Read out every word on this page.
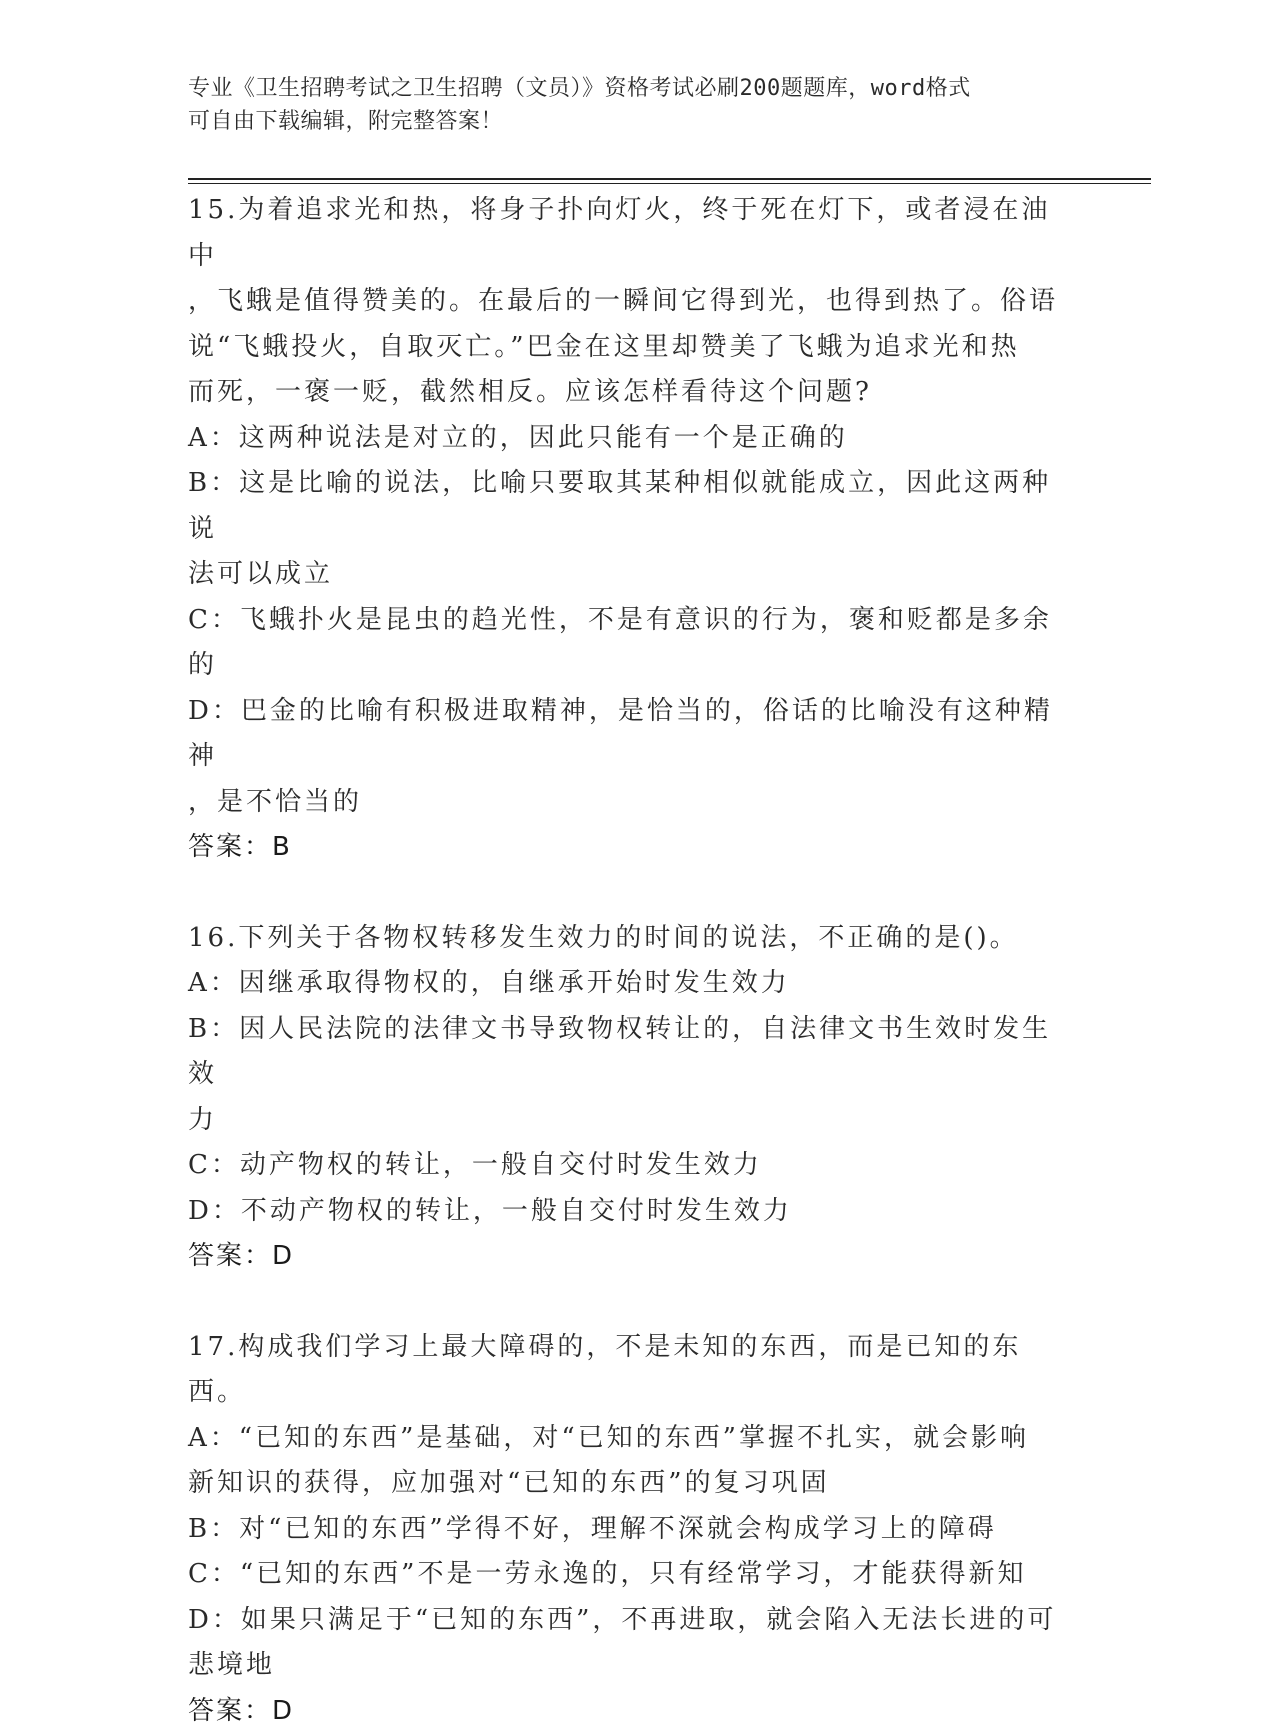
专业《卫生招聘考试之卫生招聘（文员）》资格考试必刷200题题库，word格式
可自由下载编辑，附完整答案！
15.为着追求光和热，将身子扑向灯火，终于死在灯下，或者浸在油中
，飞蛾是值得赞美的。在最后的一瞬间它得到光，也得到热了。俗语
说“飞蛾投火，自取灭亡。”巴金在这里却赞美了飞蛾为追求光和热
而死，一褒一贬，截然相反。应该怎样看待这个问题?
A：这两种说法是对立的，因此只能有一个是正确的
B：这是比喻的说法，比喻只要取其某种相似就能成立，因此这两种说
法可以成立
C：飞蛾扑火是昆虫的趋光性，不是有意识的行为，褒和贬都是多余的
D：巴金的比喻有积极进取精神，是恰当的，俗话的比喻没有这种精神
，是不恰当的
答案：B
16.下列关于各物权转移发生效力的时间的说法，不正确的是()。
A：因继承取得物权的，自继承开始时发生效力
B：因人民法院的法律文书导致物权转让的，自法律文书生效时发生效
力
C：动产物权的转让，一般自交付时发生效力
D：不动产物权的转让，一般自交付时发生效力
答案：D
17.构成我们学习上最大障碍的，不是未知的东西，而是已知的东西。
A：“已知的东西”是基础，对“已知的东西”掌握不扎实，就会影响
新知识的获得，应加强对“已知的东西”的复习巩固
B：对“已知的东西”学得不好，理解不深就会构成学习上的障碍
C：“已知的东西”不是一劳永逸的，只有经常学习，才能获得新知
D：如果只满足于“已知的东西”，不再进取，就会陷入无法长进的可
悲境地
答案：D
